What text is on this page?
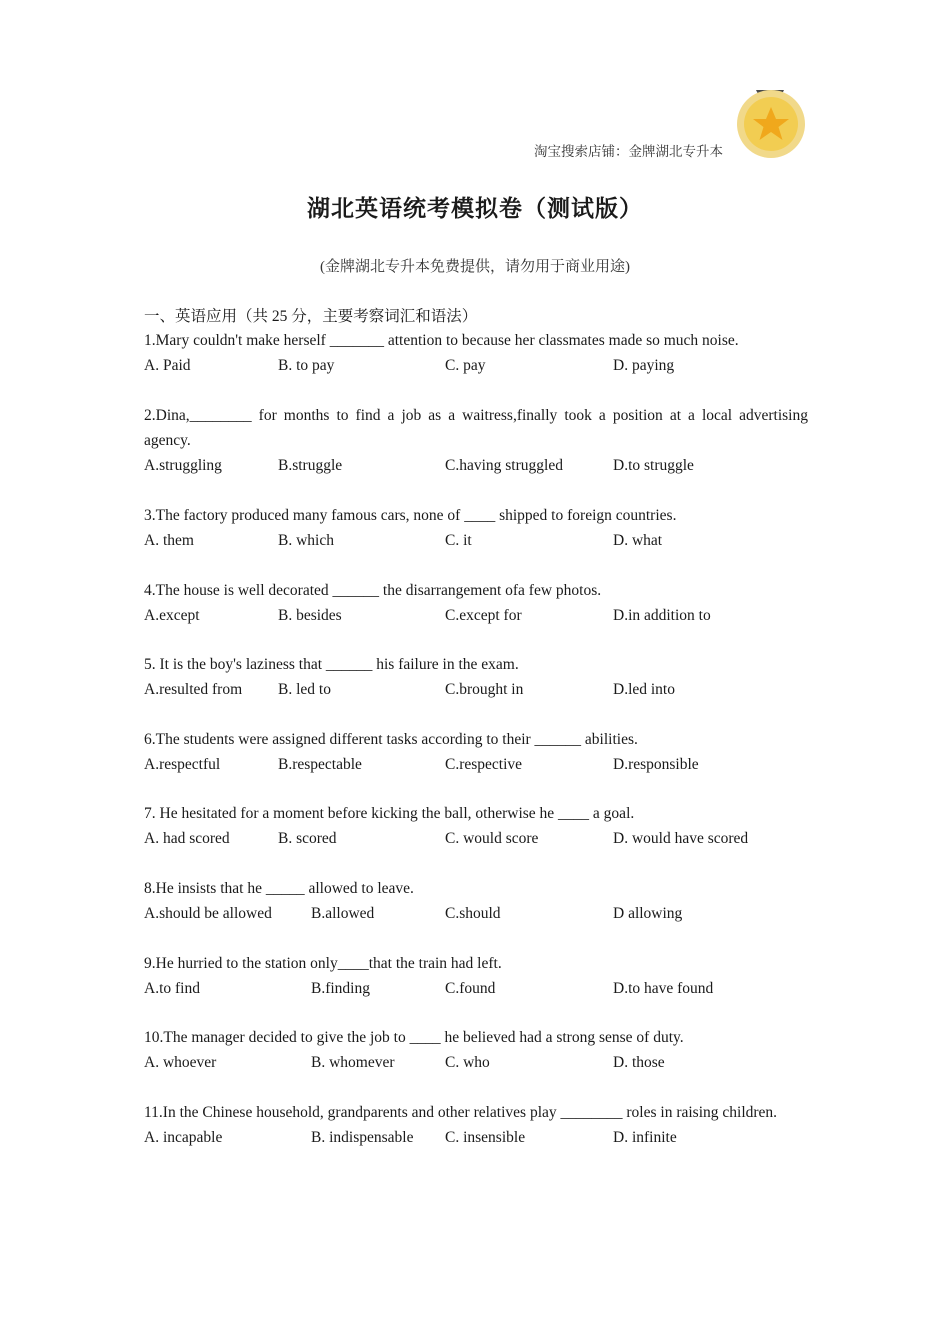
淘宝搜索店铺：金牌湖北专升本
湖北英语统考模拟卷（测试版）
(金牌湖北专升本免费提供，请勿用于商业用途)
一、英语应用（共 25 分，主要考察词汇和语法）
1.Mary couldn't make herself _______ attention to because her classmates made so much noise.
A. Paid	B. to pay	C. pay	D. paying
2.Dina,________ for months to find a job as a waitress,finally took a position at a local advertising agency.
A.struggling	B.struggle	C.having struggled	D.to struggle
3.The factory produced many famous cars, none of ____ shipped to foreign countries.
A. them	B. which	C. it	D. what
4.The house is well decorated ______ the disarrangement ofa few photos.
A.except	B. besides	C.except for	D.in addition to
5. It is the boy's laziness that ______ his failure in the exam.
A.resulted from B. led to	C.brought in	D.led into
6.The students were assigned different tasks according to their ______ abilities.
A.respectful	B.respectable	C.respective	D.responsible
7. He hesitated for a moment before kicking the ball, otherwise he ____ a goal.
A. had scored	B. scored	C. would score	D. would have scored
8.He insists that he _____ allowed to leave.
A.should be allowed	B.allowed	C.should	D allowing
9.He hurried to the station only____that the train had left.
A.to find	B.finding	C.found	D.to have found
10.The manager decided to give the job to ____ he believed had a strong sense of duty.
A. whoever	B. whomever	C. who	D. those
11.In the Chinese household, grandparents and other relatives play ________ roles in raising children.
A. incapable	B. indispensable C. insensible	D. infinite
